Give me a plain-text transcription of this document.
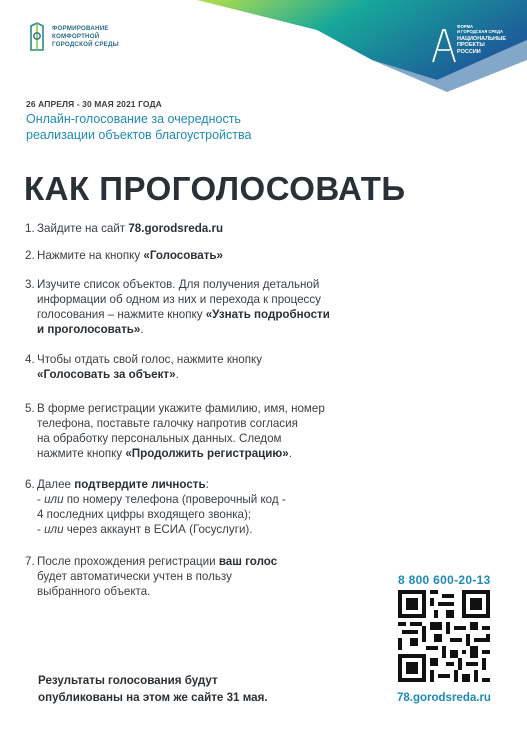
ФОРМИРОВАНИЕ
КОМФОРТНОЙ
ГОРОДСКОЙ СРЕДЫ
ФОРМА
И ГОРОДСКАЯ СРЕДА
НАЦИОНАЛЬНЫЕ
ПРОЕКТЫ
РОССИИ
26 АПРЕЛЯ - 30 МАЯ 2021 ГОДА
Онлайн-голосование за очередность
реализации объектов благоустройства
КАК ПРОГОЛОСОВАТЬ
1. Зайдите на сайт 78.gorodsreda.ru
2. Нажмите на кнопку «Голосовать»
3. Изучите список объектов. Для получения детальной
информации об одном из них и перехода к процессу
голосования – нажмите кнопку «Узнать подробности
и проголосовать».
4. Чтобы отдать свой голос, нажмите кнопку
«Голосовать за объект».
5. В форме регистрации укажите фамилию, имя, номер
телефона, поставьте галочку напротив согласия
на обработку персональных данных. Следом
нажмите кнопку «Продолжить регистрацию».
6. Далее подтвердите личность:
- или по номеру телефона (проверочный код -
4 последних цифры входящего звонка);
- или через аккаунт в ЕСИА (Госуслуги).
7. После прохождения регистрации ваш голос
будет автоматически учтен в пользу
выбранного объекта.
8 800 600-20-13
78.gorodsreda.ru
Результаты голосования будут
опубликованы на этом же сайте 31 мая.
